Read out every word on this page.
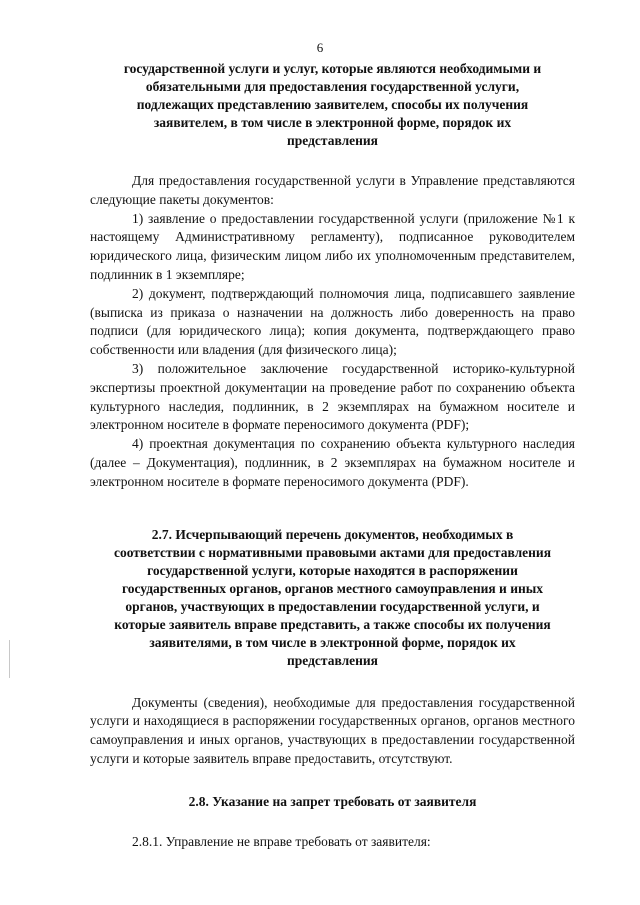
6
государственной услуги и услуг, которые являются необходимыми и
обязательными для предоставления государственной услуги,
подлежащих представлению заявителем, способы их получения
заявителем, в том числе в электронной форме, порядок их
представления

Для предоставления государственной услуги в Управление представляются следующие пакеты документов:

1) заявление о предоставлении государственной услуги (приложение №1 к настоящему Административному регламенту), подписанное руководителем юридического лица, физическим лицом либо их уполномоченным представителем, подлинник в 1 экземпляре;

2) документ, подтверждающий полномочия лица, подписавшего заявление (выписка из приказа о назначении на должность либо доверенность на право подписи (для юридического лица); копия документа, подтверждающего право собственности или владения (для физического лица);

3) положительное заключение государственной историко-культурной экспертизы проектной документации на проведение работ по сохранению объекта культурного наследия, подлинник, в 2 экземплярах на бумажном носителе и электронном носителе в формате переносимого документа (PDF);

4) проектная документация по сохранению объекта культурного наследия (далее – Документация), подлинник, в 2 экземплярах на бумажном носителе и электронном носителе в формате переносимого документа (PDF).

2.7. Исчерпывающий перечень документов, необходимых в
соответствии с нормативными правовыми актами для предоставления
государственной услуги, которые находятся в распоряжении
государственных органов, органов местного самоуправления и иных
органов, участвующих в предоставлении государственной услуги, и
которые заявитель вправе представить, а также способы их получения
заявителями, в том числе в электронной форме, порядок их
представления

Документы (сведения), необходимые для предоставления государственной услуги и находящиеся в распоряжении государственных органов, органов местного самоуправления и иных органов, участвующих в предоставлении государственной услуги и которые заявитель вправе предоставить, отсутствуют.

2.8. Указание на запрет требовать от заявителя

2.8.1. Управление не вправе требовать от заявителя:
